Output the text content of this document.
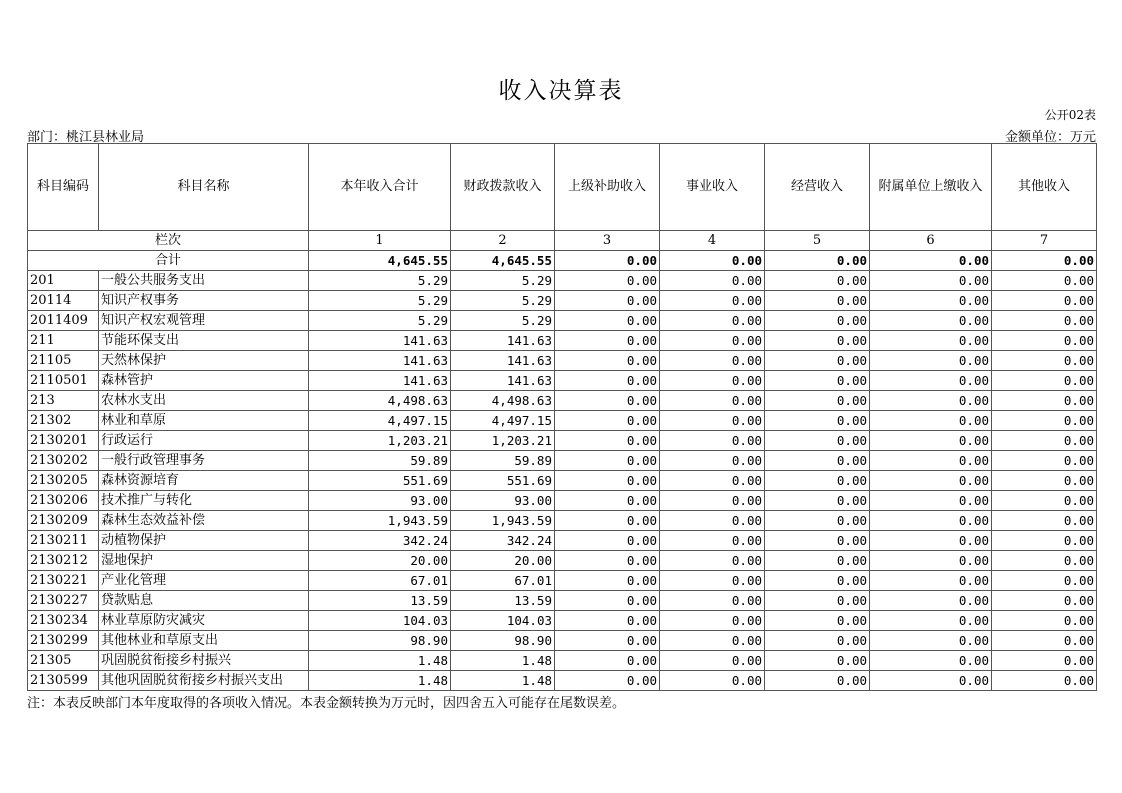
收入决算表
公开02表
部门：桃江县林业局	金额单位：万元
科目编码	科目名称	本年收入合计	财政拨款收入	上级补助收入	事业收入	经营收入	附属单位上缴收入	其他收入
栏次		1	2	3	4	5	6	7
合计		4,645.55	4,645.55	0.00	0.00	0.00	0.00	0.00
201	一般公共服务支出	5.29	5.29	0.00	0.00	0.00	0.00	0.00
20114	知识产权事务	5.29	5.29	0.00	0.00	0.00	0.00	0.00
2011409	知识产权宏观管理	5.29	5.29	0.00	0.00	0.00	0.00	0.00
211	节能环保支出	141.63	141.63	0.00	0.00	0.00	0.00	0.00
21105	天然林保护	141.63	141.63	0.00	0.00	0.00	0.00	0.00
2110501	森林管护	141.63	141.63	0.00	0.00	0.00	0.00	0.00
213	农林水支出	4,498.63	4,498.63	0.00	0.00	0.00	0.00	0.00
21302	林业和草原	4,497.15	4,497.15	0.00	0.00	0.00	0.00	0.00
2130201	行政运行	1,203.21	1,203.21	0.00	0.00	0.00	0.00	0.00
2130202	一般行政管理事务	59.89	59.89	0.00	0.00	0.00	0.00	0.00
2130205	森林资源培育	551.69	551.69	0.00	0.00	0.00	0.00	0.00
2130206	技术推广与转化	93.00	93.00	0.00	0.00	0.00	0.00	0.00
2130209	森林生态效益补偿	1,943.59	1,943.59	0.00	0.00	0.00	0.00	0.00
2130211	动植物保护	342.24	342.24	0.00	0.00	0.00	0.00	0.00
2130212	湿地保护	20.00	20.00	0.00	0.00	0.00	0.00	0.00
2130221	产业化管理	67.01	67.01	0.00	0.00	0.00	0.00	0.00
2130227	贷款贴息	13.59	13.59	0.00	0.00	0.00	0.00	0.00
2130234	林业草原防灾减灾	104.03	104.03	0.00	0.00	0.00	0.00	0.00
2130299	其他林业和草原支出	98.90	98.90	0.00	0.00	0.00	0.00	0.00
21305	巩固脱贫衔接乡村振兴	1.48	1.48	0.00	0.00	0.00	0.00	0.00
2130599	其他巩固脱贫衔接乡村振兴支出	1.48	1.48	0.00	0.00	0.00	0.00	0.00
注：本表反映部门本年度取得的各项收入情况。本表金额转换为万元时，因四舍五入可能存在尾数误差。
